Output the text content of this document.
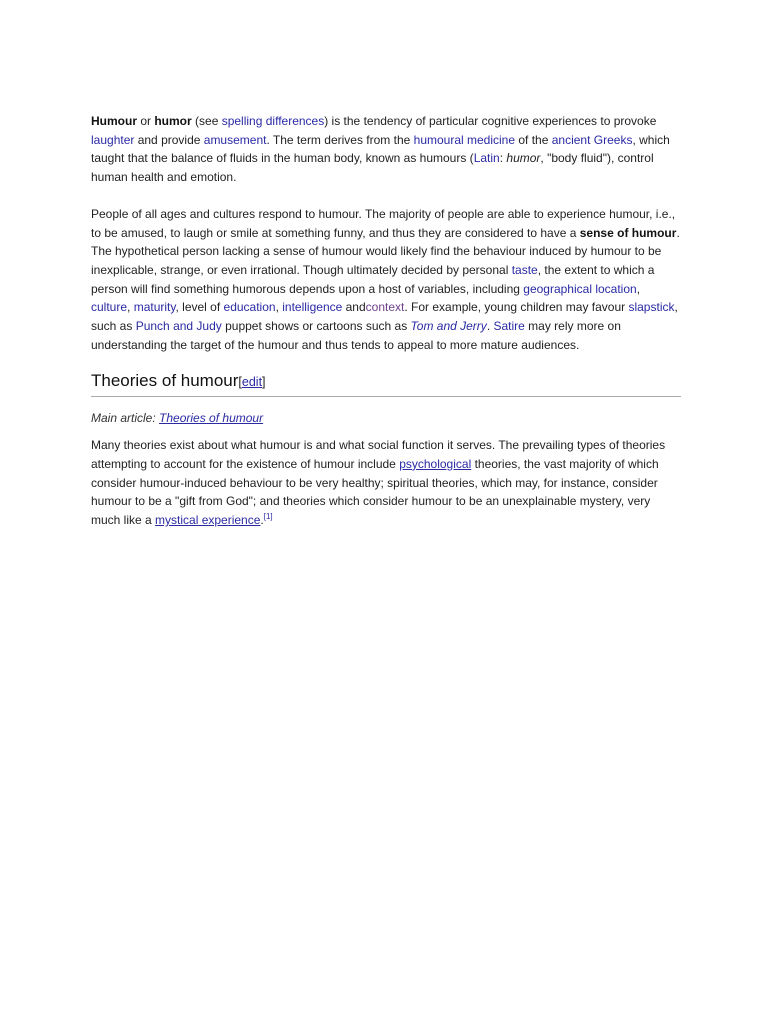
Humour or humor (see spelling differences) is the tendency of particular cognitive experiences to provoke laughter and provide amusement. The term derives from the humoural medicine of the ancient Greeks, which taught that the balance of fluids in the human body, known as humours (Latin: humor, "body fluid"), control human health and emotion.

People of all ages and cultures respond to humour. The majority of people are able to experience humour, i.e., to be amused, to laugh or smile at something funny, and thus they are considered to have a sense of humour. The hypothetical person lacking a sense of humour would likely find the behaviour induced by humour to be inexplicable, strange, or even irrational. Though ultimately decided by personal taste, the extent to which a person will find something humorous depends upon a host of variables, including geographical location, culture, maturity, level of education, intelligence andcontext. For example, young children may favour slapstick, such as Punch and Judy puppet shows or cartoons such as Tom and Jerry. Satire may rely more on understanding the target of the humour and thus tends to appeal to more mature audiences.

Theories of humour[edit]

Main article: Theories of humour

Many theories exist about what humour is and what social function it serves. The prevailing types of theories attempting to account for the existence of humour include psychological theories, the vast majority of which consider humour-induced behaviour to be very healthy; spiritual theories, which may, for instance, consider humour to be a "gift from God"; and theories which consider humour to be an unexplainable mystery, very much like a mystical experience.[1]
